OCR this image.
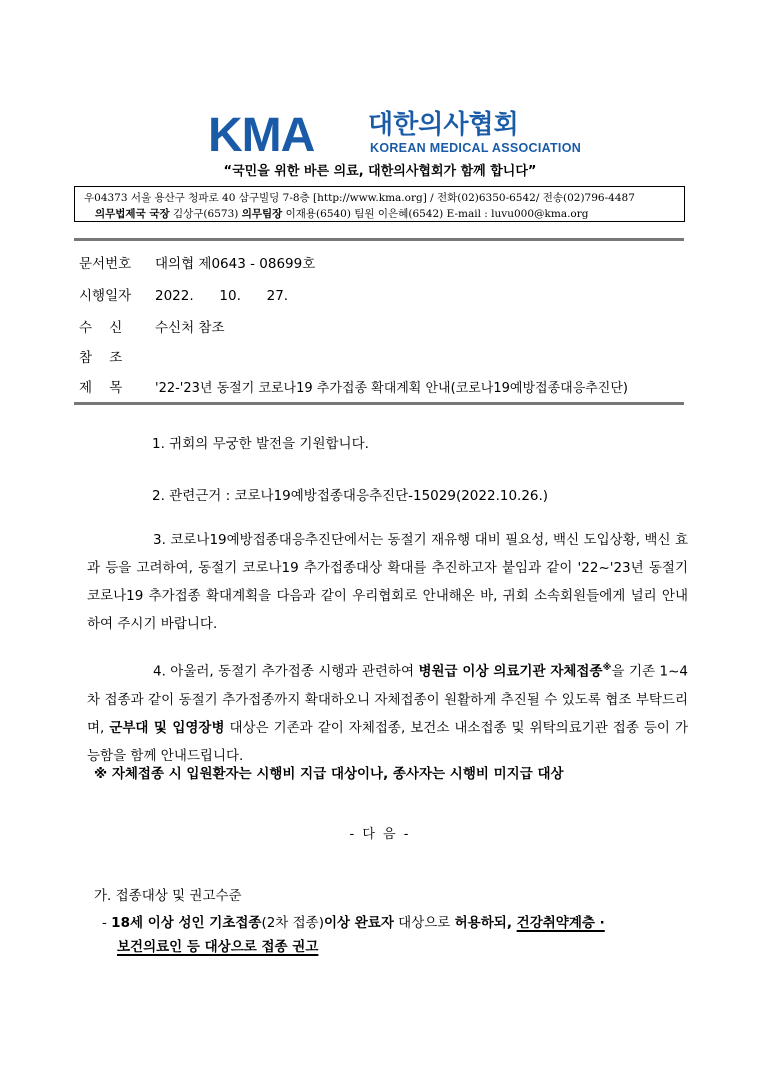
KMA 대한의사협회
KOREAN MEDICAL ASSOCIATION
“국민을 위한 바른 의료, 대한의사협회가 함께 합니다”
우04373 서울 용산구 청파로 40 삼구빌딩 7-8층 [http://www.kma.org] / 전화(02)6350-6542/ 전송(02)796-4487
의무법제국 국장 김상구(6573) 의무팀장 이재용(6540) 팀원 이은혜(6542) E-mail : luvu000@kma.org
문서번호 대의협 제0643 - 08699호
시행일자 2022.      10.      27.
수    신 수신처 참조
참    조
제    목	'22-'23년 동절기 코로나19 추가접종 확대계획 안내(코로나19예방접종대응추진단)
1. 귀회의 무궁한 발전을 기원합니다.
2. 관련근거 : 코로나19예방접종대응추진단-15029(2022.10.26.)
3. 코로나19예방접종대응추진단에서는 동절기 재유행 대비 필요성, 백신 도입상황, 백신 효과 등을 고려하여, 동절기 코로나19 추가접종대상 확대를 추진하고자 붙임과 같이 '22~'23년 동절기 코로나19 추가접종 확대계획을 다음과 같이 우리협회로 안내해온 바, 귀회 소속회원들에게 널리 안내하여 주시기 바랍니다.
4. 아울러, 동절기 추가접종 시행과 관련하여 병원급 이상 의료기관 자체접종※을 기존 1~4차 접종과 같이 동절기 추가접종까지 확대하오니 자체접종이 원활하게 추진될 수 있도록 협조 부탁드리며, 군부대 및 입영장병 대상은 기존과 같이 자체접종, 보건소 내소접종 및 위탁의료기관 접종 등이 가능함을 함께 안내드립니다.
※ 자체접종 시 입원환자는 시행비 지급 대상이나, 종사자는 시행비 미지급 대상
- 다 음 -
가. 접종대상 및 권고수준
- 18세 이상 성인 기초접종(2차 접종)이상 완료자 대상으로 허용하되, 건강취약계층 ·
보건의료인 등 대상으로 접종 권고
